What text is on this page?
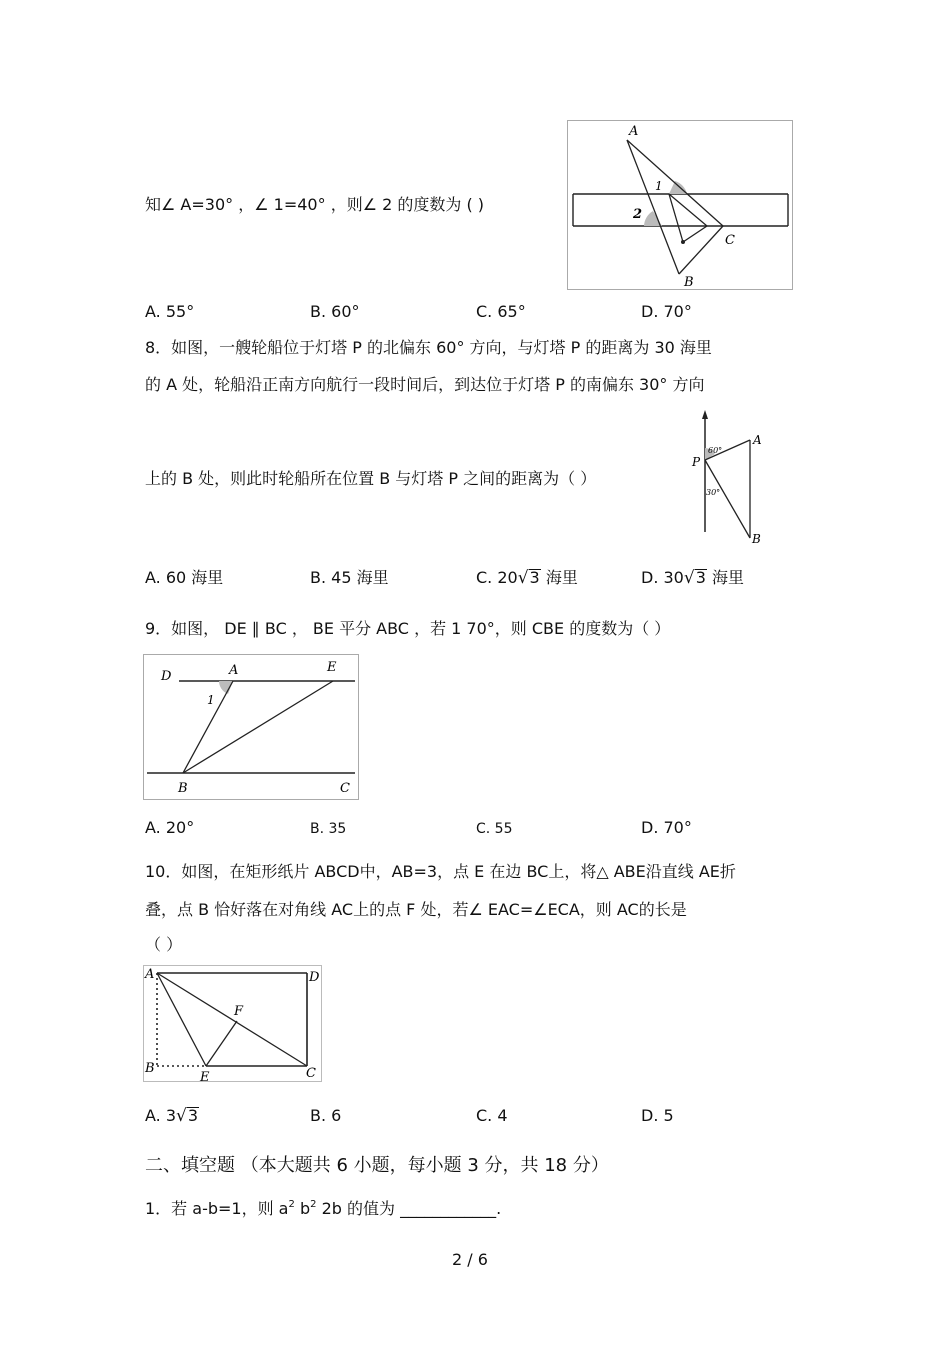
知∠ A=30° ，∠ 1=40° ，则∠ 2 的度数为 ( )
A
B
C
1
2
A. 55°	B. 60°	C. 65°	D. 70°
8．如图，一艘轮船位于灯塔 P 的北偏东 60° 方向，与灯塔 P 的距离为 30 海里
的 A 处，轮船沿正南方向航行一段时间后，到达位于灯塔 P 的南偏东 30° 方向
上的 B 处，则此时轮船所在位置 B 与灯塔 P 之间的距离为（ ）
P
A
B
60°
30°
A. 60 海里	B. 45 海里	C. 20√3 海里	D. 30√3 海里
9．如图， DE ∥ BC ， BE 平分 ABC ，若 1 70°，则 CBE 的度数为（ ）
D	A	E
1
B	C
A. 20°	B. 35	C. 55	D. 70°
10．如图，在矩形纸片 ABCD中，AB=3，点 E 在边 BC上，将△ ABE沿直线 AE折
叠，点 B 恰好落在对角线 AC上的点 F 处，若∠ EAC=∠ECA，则 AC的长是
（ ）
A	D
B
E	C
F
A. 3√3	B. 6	C. 4	D. 5
二、填空题 （本大题共 6 小题，每小题 3 分，共 18 分）
1．若 a-b=1，则 $a^2$ $b^2$ 2b 的值为 ____________.
2 / 6
